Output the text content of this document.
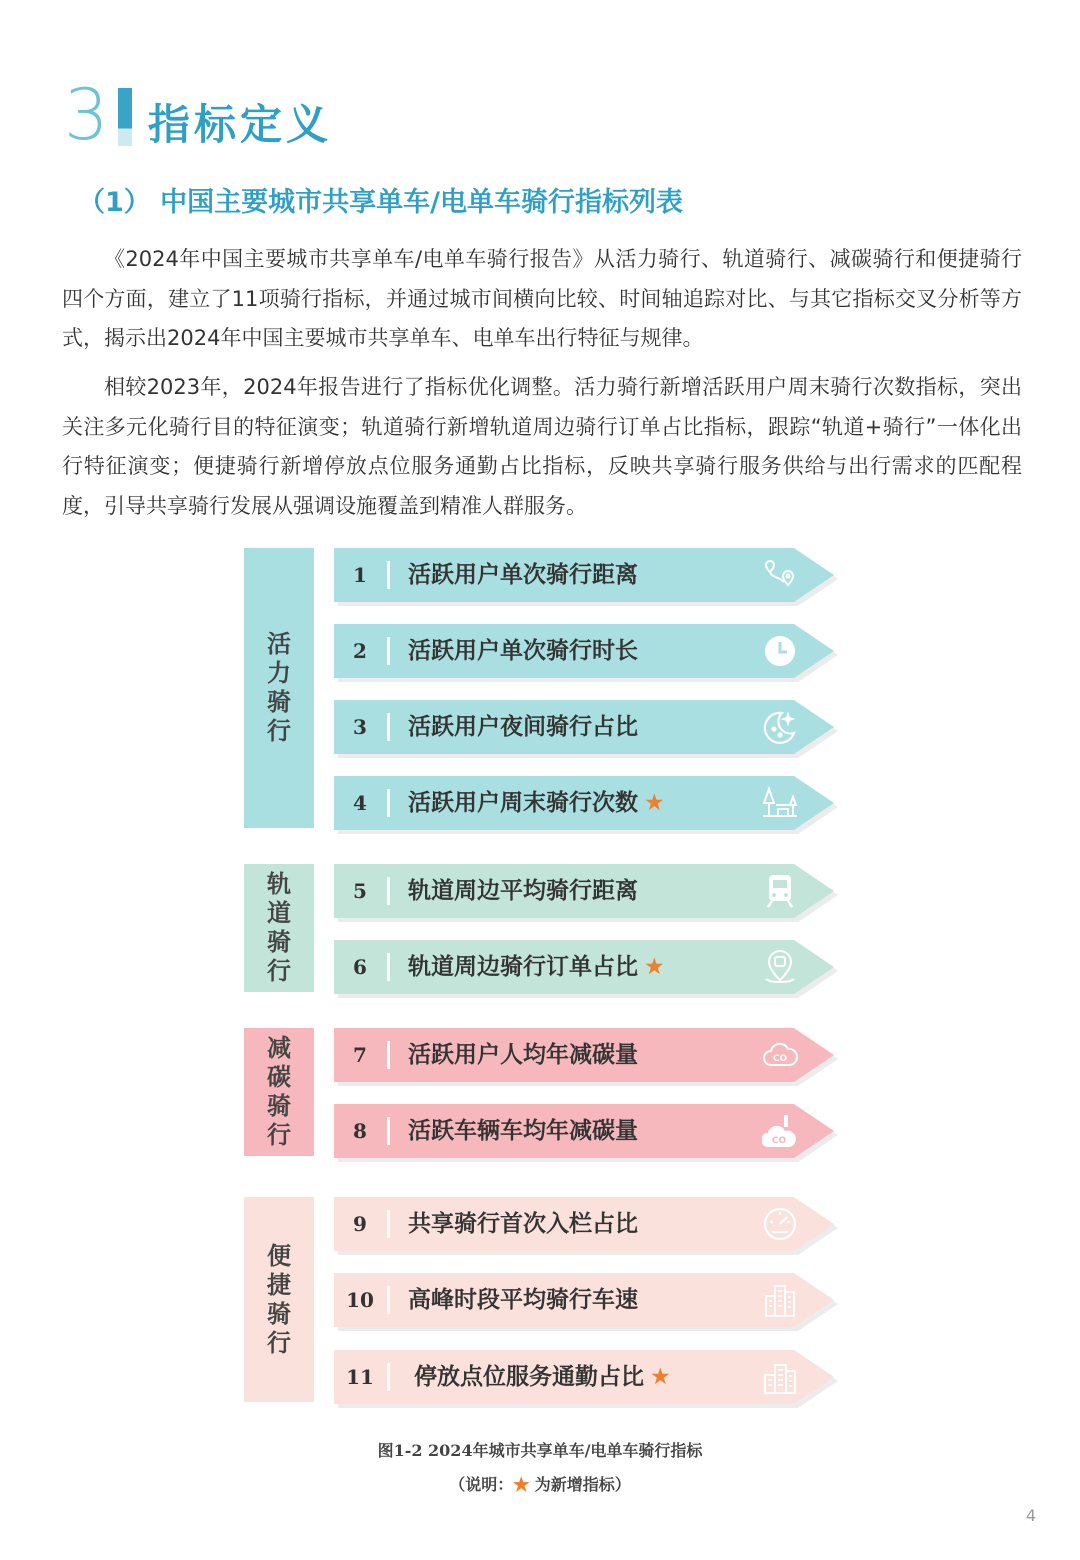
3 指标定义
（1） 中国主要城市共享单车/电单车骑行指标列表

《2024年中国主要城市共享单车/电单车骑行报告》从活力骑行、轨道骑行、减碳骑行和便捷骑行四个方面，建立了11项骑行指标，并通过城市间横向比较、时间轴追踪对比、与其它指标交叉分析等方式，揭示出2024年中国主要城市共享单车、电单车出行特征与规律。

相较2023年，2024年报告进行了指标优化调整。活力骑行新增活跃用户周末骑行次数指标，突出关注多元化骑行目的特征演变；轨道骑行新增轨道周边骑行订单占比指标，跟踪“轨道+骑行”一体化出行特征演变；便捷骑行新增停放点位服务通勤占比指标，反映共享骑行服务供给与出行需求的匹配程度，引导共享骑行发展从强调设施覆盖到精准人群服务。

活力骑行
轨道骑行
减碳骑行
便捷骑行
1	活跃用户单次骑行距离
2	活跃用户单次骑行时长
3	活跃用户夜间骑行占比
4	活跃用户周末骑行次数 ★
5	轨道周边平均骑行距离
6	轨道周边骑行订单占比 ★
7	活跃用户人均年减碳量	CO
8	活跃车辆车均年减碳量	CO
9	共享骑行首次入栏占比
10	高峰时段平均骑行车速
11	停放点位服务通勤占比 ★
图1-2 2024年城市共享单车/电单车骑行指标
（说明：★ 为新增指标）
4
